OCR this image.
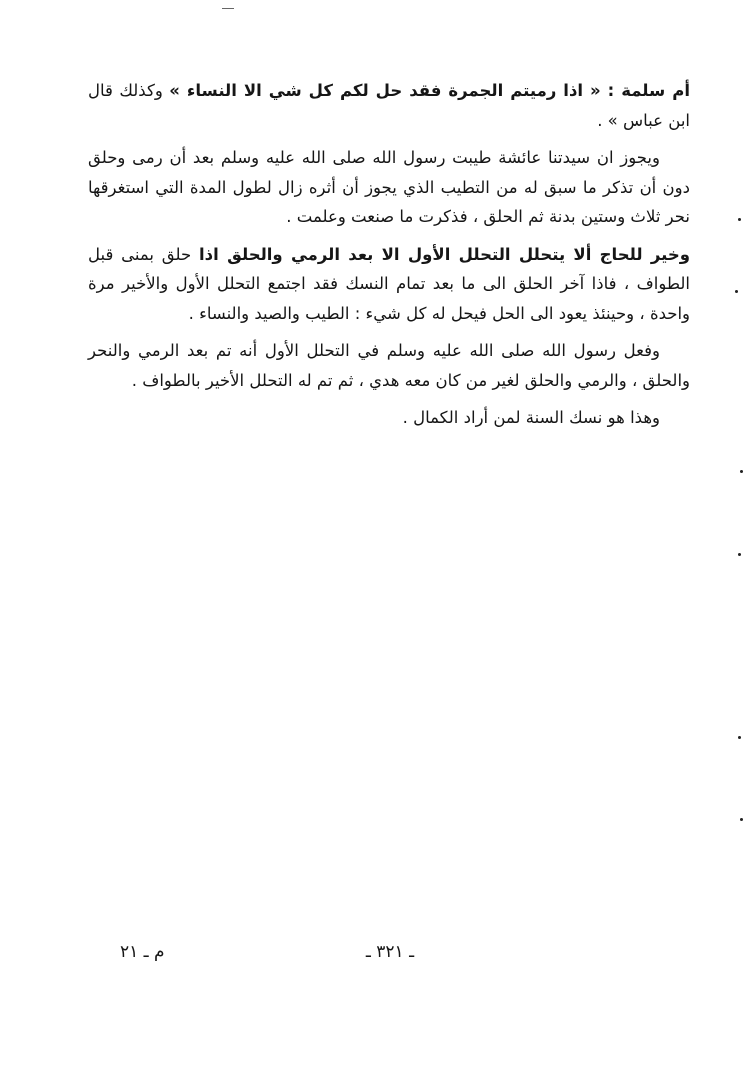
أم سلمة : « اذا رميتم الجمرة فقد حل لكم كل شي الا النساء » وكذلك قال ابن عباس » .

ويجوز ان سيدتنا عائشة طيبت رسول الله صلى الله عليه وسلم بعد أن رمى وحلق دون أن تذكر ما سبق له من التطيب الذي يجوز أن أثره زال لطول المدة التي استغرقها نحر ثلاث وستين بدنة ثم الحلق ، فذكرت ما صنعت وعلمت .

وخير للحاج ألا يتحلل التحلل الأول الا بعد الرمي والحلق اذا حلق بمنى قبل الطواف ، فاذا آخر الحلق الى ما بعد تمام النسك فقد اجتمع التحلل الأول والأخير مرة واحدة ، وحينئذ يعود الى الحل فيحل له كل شيء : الطيب والصيد والنساء .

وفعل رسول الله صلى الله عليه وسلم في التحلل الأول أنه تم بعد الرمي والنحر والحلق ، والرمي والحلق لغير من كان معه هدي ، ثم تم له التحلل الأخير بالطواف .

وهذا هو نسك السنة لمن أراد الكمال .

ـ ٣٢١ ـ
م ـ ٢١
